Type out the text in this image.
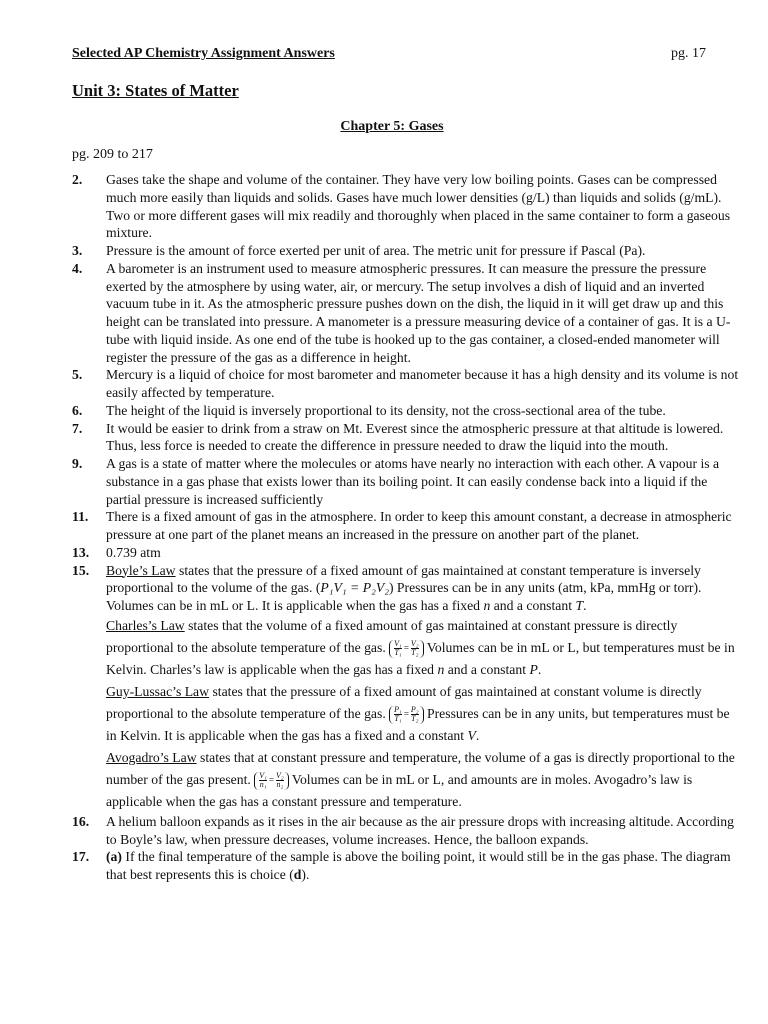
Selected AP Chemistry Assignment Answers	pg. 17
Unit 3: States of Matter
Chapter 5: Gases
pg. 209 to 217
2.	Gases take the shape and volume of the container. They have very low boiling points. Gases can be compressed much more easily than liquids and solids. Gases have much lower densities (g/L) than liquids and solids (g/mL). Two or more different gases will mix readily and thoroughly when placed in the same container to form a gaseous mixture.
3.	Pressure is the amount of force exerted per unit of area. The metric unit for pressure if Pascal (Pa).
4.	A barometer is an instrument used to measure atmospheric pressures. It can measure the pressure the pressure exerted by the atmosphere by using water, air, or mercury. The setup involves a dish of liquid and an inverted vacuum tube in it. As the atmospheric pressure pushes down on the dish, the liquid in it will get draw up and this height can be translated into pressure. A manometer is a pressure measuring device of a container of gas. It is a U-tube with liquid inside. As one end of the tube is hooked up to the gas container, a closed-ended manometer will register the pressure of the gas as a difference in height.
5.	Mercury is a liquid of choice for most barometer and manometer because it has a high density and its volume is not easily affected by temperature.
6.	The height of the liquid is inversely proportional to its density, not the cross-sectional area of the tube.
7.	It would be easier to drink from a straw on Mt. Everest since the atmospheric pressure at that altitude is lowered. Thus, less force is needed to create the difference in pressure needed to draw the liquid into the mouth.
9.	A gas is a state of matter where the molecules or atoms have nearly no interaction with each other. A vapour is a substance in a gas phase that exists lower than its boiling point. It can easily condense back into a liquid if the partial pressure is increased sufficiently
11.	There is a fixed amount of gas in the atmosphere. In order to keep this amount constant, a decrease in atmospheric pressure at one part of the planet means an increased in the pressure on another part of the planet.
13.	0.739 atm
15.	Boyle’s Law states that the pressure of a fixed amount of gas maintained at constant temperature is inversely proportional to the volume of the gas. (P₁V₁ = P₂V₂) Pressures can be in any units (atm, kPa, mmHg or torr). Volumes can be in mL or L. It is applicable when the gas has a fixed n and a constant T.
Charles’s Law states that the volume of a fixed amount of gas maintained at constant pressure is directly proportional to the absolute temperature of the gas. $\frac{\text{V₁}}{\text{T₁}} = \frac{\text{V₂}}{\text{T₂}}$ Volumes can be in mL or L, but temperatures must be in Kelvin. Charles’s law is applicable when the gas has a fixed n and a constant P.
Guy-Lussac’s Law states that the pressure of a fixed amount of gas maintained at constant volume is directly proportional to the absolute temperature of the gas. $\frac{\text{P₁}}{\text{T₁}} = \frac{\text{P₂}}{\text{T₂}}$ Pressures can be in any units, but temperatures must be in Kelvin. It is applicable when the gas has a fixed and a constant V.
Avogadro’s Law states that at constant pressure and temperature, the volume of a gas is directly proportional to the number of the gas present. $\frac{\text{V₁}}{\text{n₁}} = \frac{\text{V₂}}{\text{n₂}}$ Volumes can be in mL or L, and amounts are in moles. Avogadro’s law is applicable when the gas has a constant pressure and temperature.
16.	A helium balloon expands as it rises in the air because as the air pressure drops with increasing altitude. According to Boyle’s law, when pressure decreases, volume increases. Hence, the balloon expands.
17.	(a) If the final temperature of the sample is above the boiling point, it would still be in the gas phase. The diagram that best represents this is choice (d).
